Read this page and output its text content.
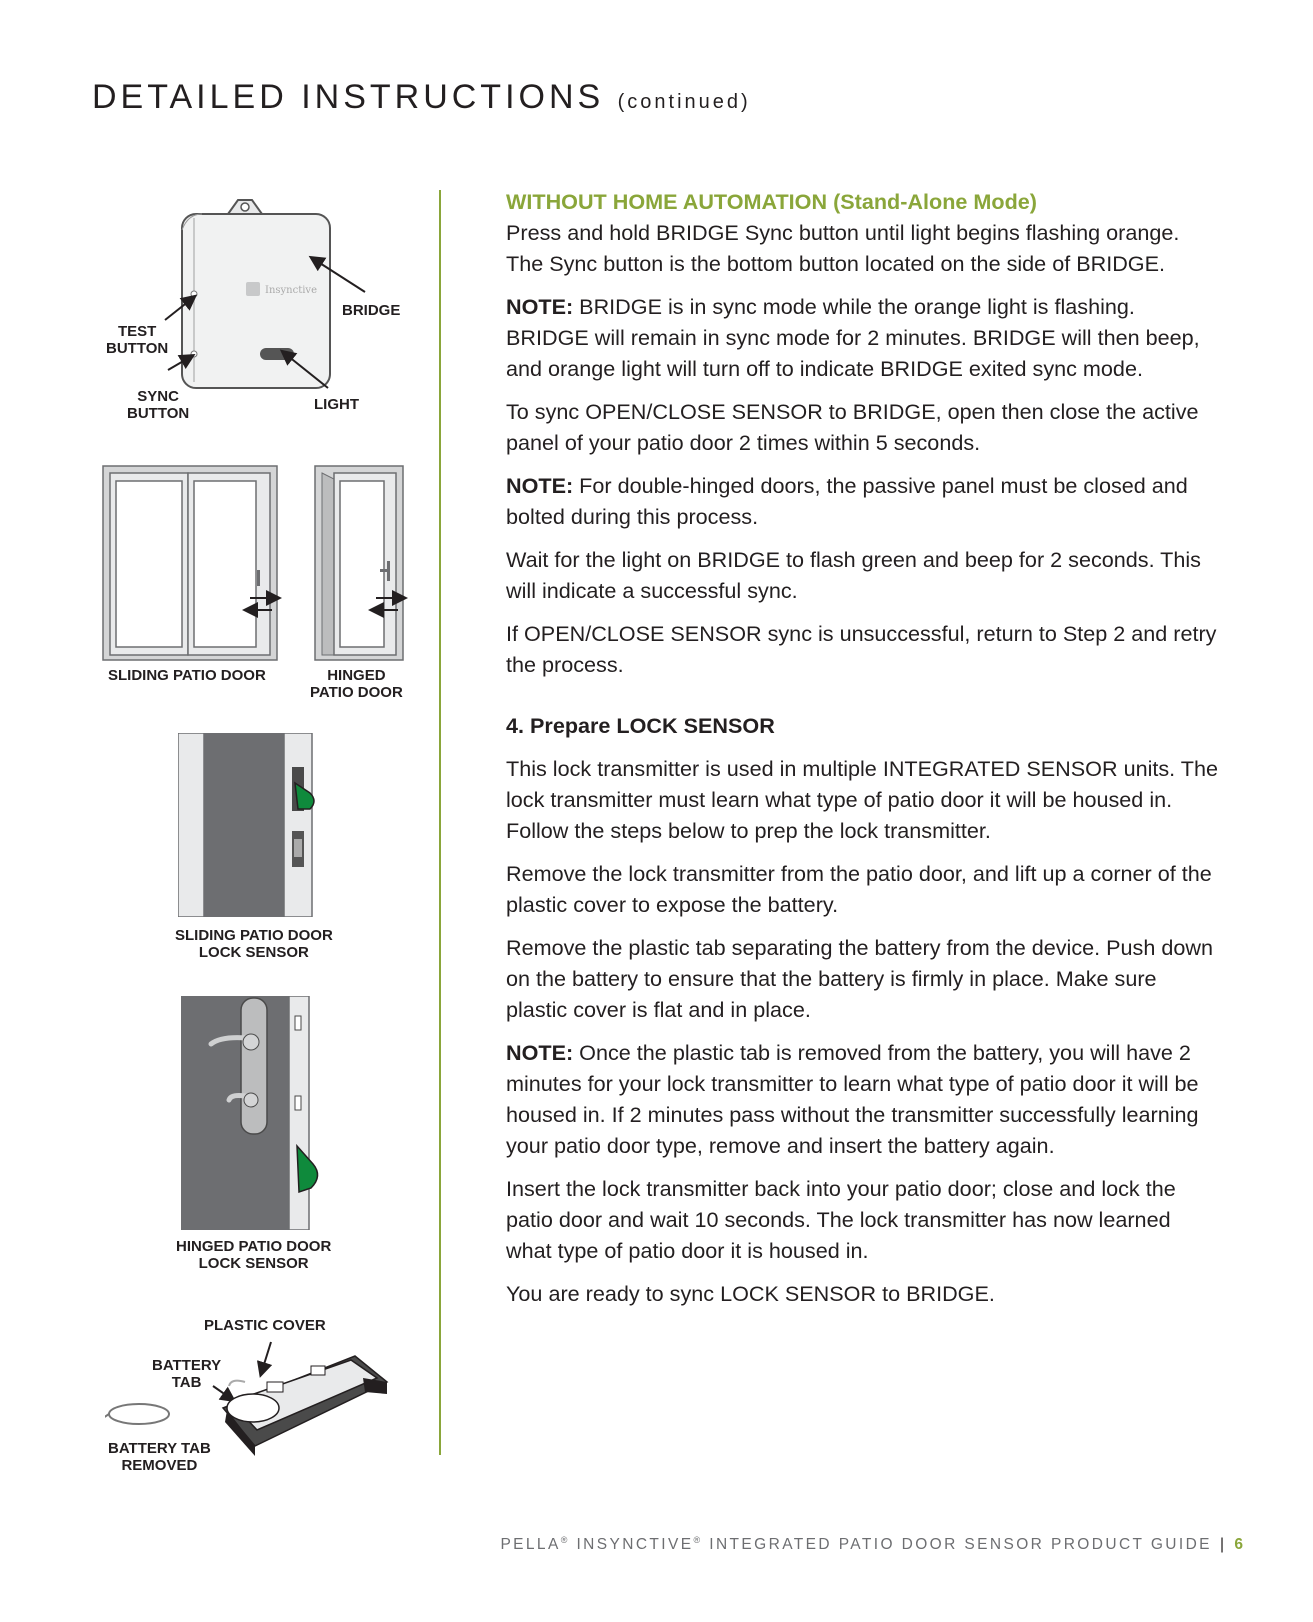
DETAILED INSTRUCTIONS (continued)
Insynctive
BRIDGE
TEST
BUTTON
SYNC
BUTTON
LIGHT
SLIDING PATIO DOOR	HINGED
PATIO DOOR
SLIDING PATIO DOOR
LOCK SENSOR
HINGED PATIO DOOR
LOCK SENSOR
PLASTIC COVER
BATTERY
TAB
BATTERY TAB
REMOVED
WITHOUT HOME AUTOMATION (Stand-Alone Mode)

Press and hold BRIDGE Sync button until light begins flashing orange. The Sync button is the bottom button located on the side of BRIDGE.

NOTE: BRIDGE is in sync mode while the orange light is flashing. BRIDGE will remain in sync mode for 2 minutes. BRIDGE will then beep, and orange light will turn off to indicate BRIDGE exited sync mode.

To sync OPEN/CLOSE SENSOR to BRIDGE, open then close the active panel of your patio door 2 times within 5 seconds.

NOTE: For double-hinged doors, the passive panel must be closed and bolted during this process.

Wait for the light on BRIDGE to flash green and beep for 2 seconds. This will indicate a successful sync.

If OPEN/CLOSE SENSOR sync is unsuccessful, return to Step 2 and retry the process.

4. Prepare LOCK SENSOR

This lock transmitter is used in multiple INTEGRATED SENSOR units. The lock transmitter must learn what type of patio door it will be housed in. Follow the steps below to prep the lock transmitter.

Remove the lock transmitter from the patio door, and lift up a corner of the plastic cover to expose the battery.

Remove the plastic tab separating the battery from the device. Push down on the battery to ensure that the battery is firmly in place. Make sure plastic cover is flat and in place.

NOTE: Once the plastic tab is removed from the battery, you will have 2 minutes for your lock transmitter to learn what type of patio door it will be housed in. If 2 minutes pass without the transmitter successfully learning your patio door type, remove and insert the battery again.

Insert the lock transmitter back into your patio door; close and lock the patio door and wait 10 seconds. The lock transmitter has now learned what type of patio door it is housed in.

You are ready to sync LOCK SENSOR to BRIDGE.

PELLA® INSYNCTIVE® INTEGRATED PATIO DOOR SENSOR PRODUCT GUIDE | 6
